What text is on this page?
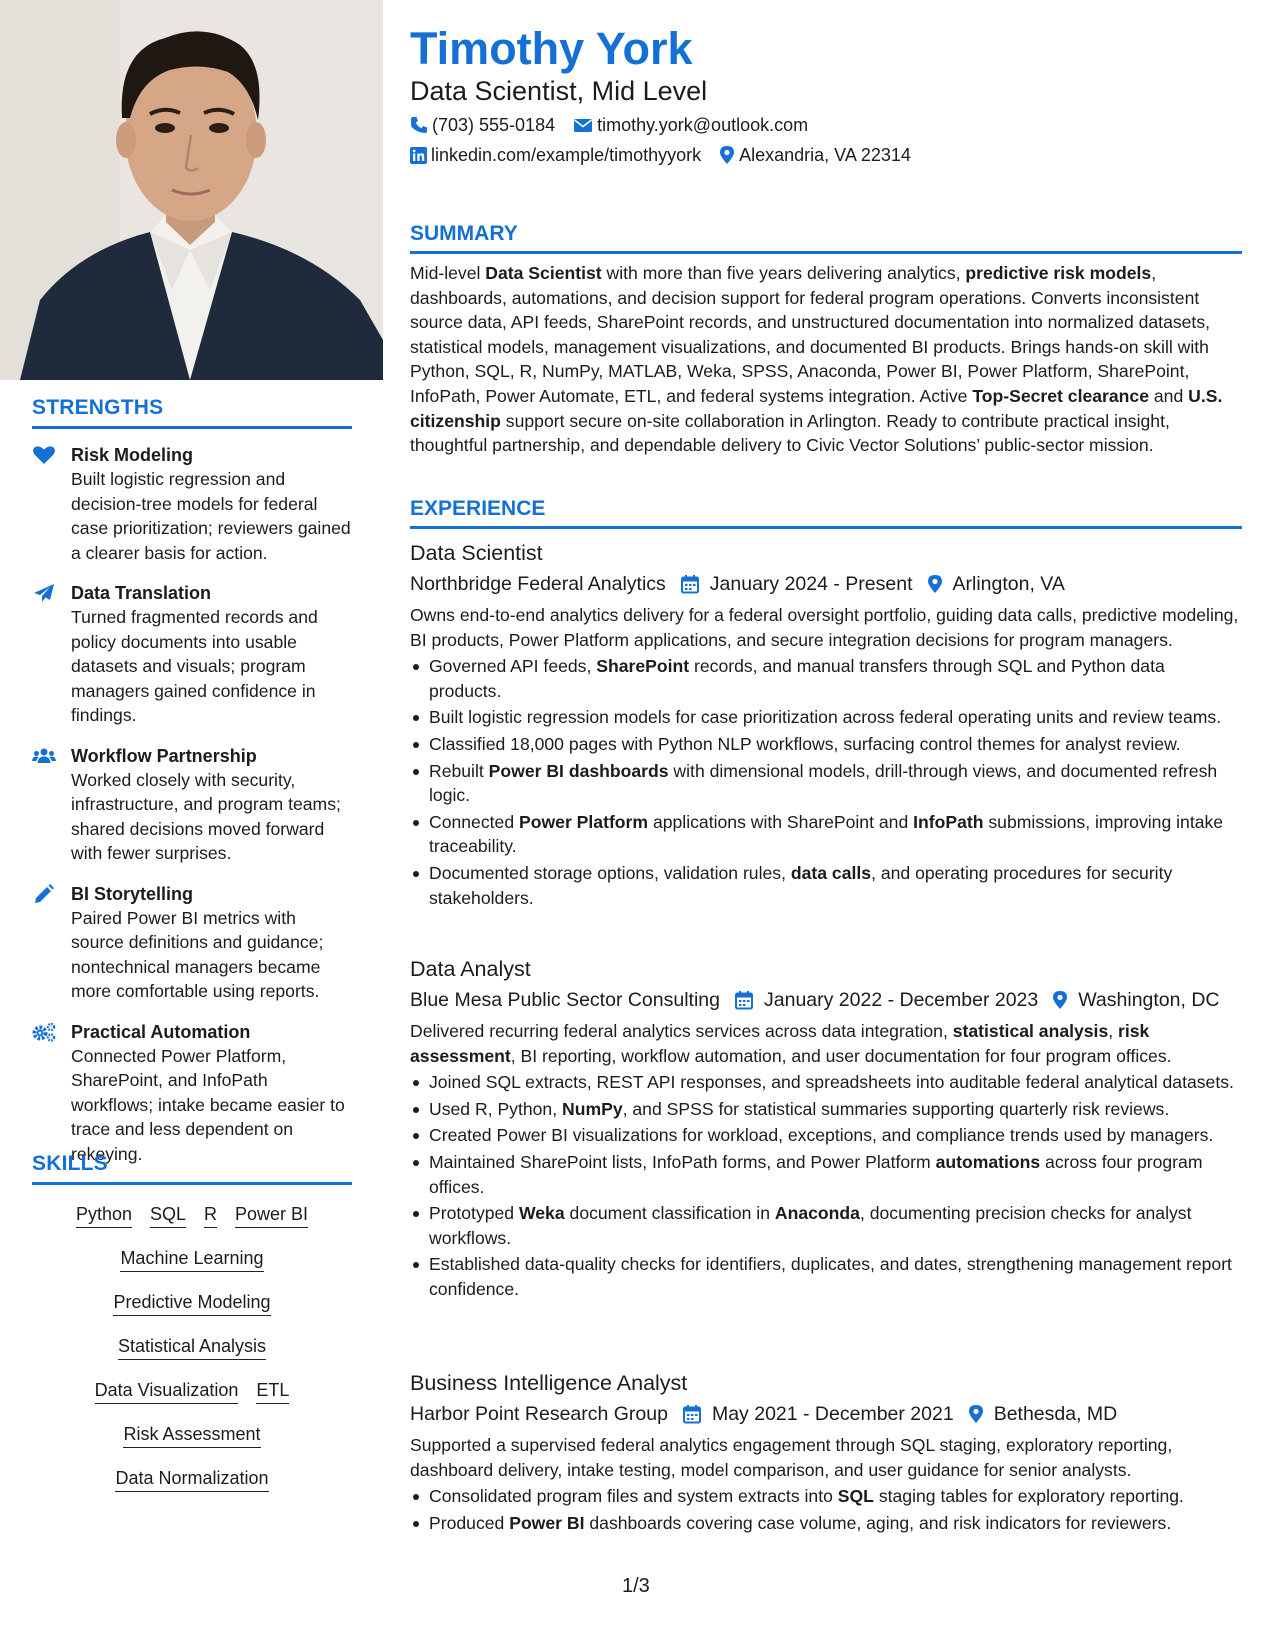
STRENGTHS
Risk Modeling
Built logistic regression and decision-tree models for federal case prioritization; reviewers gained a clearer basis for action.
Data Translation
Turned fragmented records and policy documents into usable datasets and visuals; program managers gained confidence in findings.
Workflow Partnership
Worked closely with security, infrastructure, and program teams; shared decisions moved forward with fewer surprises.
BI Storytelling
Paired Power BI metrics with source definitions and guidance; nontechnical managers became more comfortable using reports.
Practical Automation
Connected Power Platform, SharePoint, and InfoPath workflows; intake became easier to trace and less dependent on rekeying.
SKILLS
Python SQL R Power BI
Machine Learning
Predictive Modeling
Statistical Analysis
Data Visualization ETL
Risk Assessment
Data Normalization
Timothy York
Data Scientist, Mid Level
(703) 555-0184 timothy.york@outlook.com
linkedin.com/example/timothyyork Alexandria, VA 22314
SUMMARY
Mid-level Data Scientist with more than five years delivering analytics, predictive risk models, dashboards, automations, and decision support for federal program operations. Converts inconsistent source data, API feeds, SharePoint records, and unstructured documentation into normalized datasets, statistical models, management visualizations, and documented BI products. Brings hands-on skill with Python, SQL, R, NumPy, MATLAB, Weka, SPSS, Anaconda, Power BI, Power Platform, SharePoint, InfoPath, Power Automate, ETL, and federal systems integration. Active Top-Secret clearance and U.S. citizenship support secure on-site collaboration in Arlington. Ready to contribute practical insight, thoughtful partnership, and dependable delivery to Civic Vector Solutions’ public-sector mission.
EXPERIENCE
Data Scientist
Northbridge Federal Analytics January 2024 - Present Arlington, VA
Owns end-to-end analytics delivery for a federal oversight portfolio, guiding data calls, predictive modeling, BI products, Power Platform applications, and secure integration decisions for program managers.
Governed API feeds, SharePoint records, and manual transfers through SQL and Python data products.
Built logistic regression models for case prioritization across federal operating units and review teams.
Classified 18,000 pages with Python NLP workflows, surfacing control themes for analyst review.
Rebuilt Power BI dashboards with dimensional models, drill-through views, and documented refresh logic.
Connected Power Platform applications with SharePoint and InfoPath submissions, improving intake traceability.
Documented storage options, validation rules, data calls, and operating procedures for security stakeholders.
Data Analyst
Blue Mesa Public Sector Consulting January 2022 - December 2023 Washington, DC
Delivered recurring federal analytics services across data integration, statistical analysis, risk assessment, BI reporting, workflow automation, and user documentation for four program offices.
Joined SQL extracts, REST API responses, and spreadsheets into auditable federal analytical datasets.
Used R, Python, NumPy, and SPSS for statistical summaries supporting quarterly risk reviews.
Created Power BI visualizations for workload, exceptions, and compliance trends used by managers.
Maintained SharePoint lists, InfoPath forms, and Power Platform automations across four program offices.
Prototyped Weka document classification in Anaconda, documenting precision checks for analyst workflows.
Established data-quality checks for identifiers, duplicates, and dates, strengthening management report confidence.
Business Intelligence Analyst
Harbor Point Research Group May 2021 - December 2021 Bethesda, MD
Supported a supervised federal analytics engagement through SQL staging, exploratory reporting, dashboard delivery, intake testing, model comparison, and user guidance for senior analysts.
Consolidated program files and system extracts into SQL staging tables for exploratory reporting.
Produced Power BI dashboards covering case volume, aging, and risk indicators for reviewers.
1/3
